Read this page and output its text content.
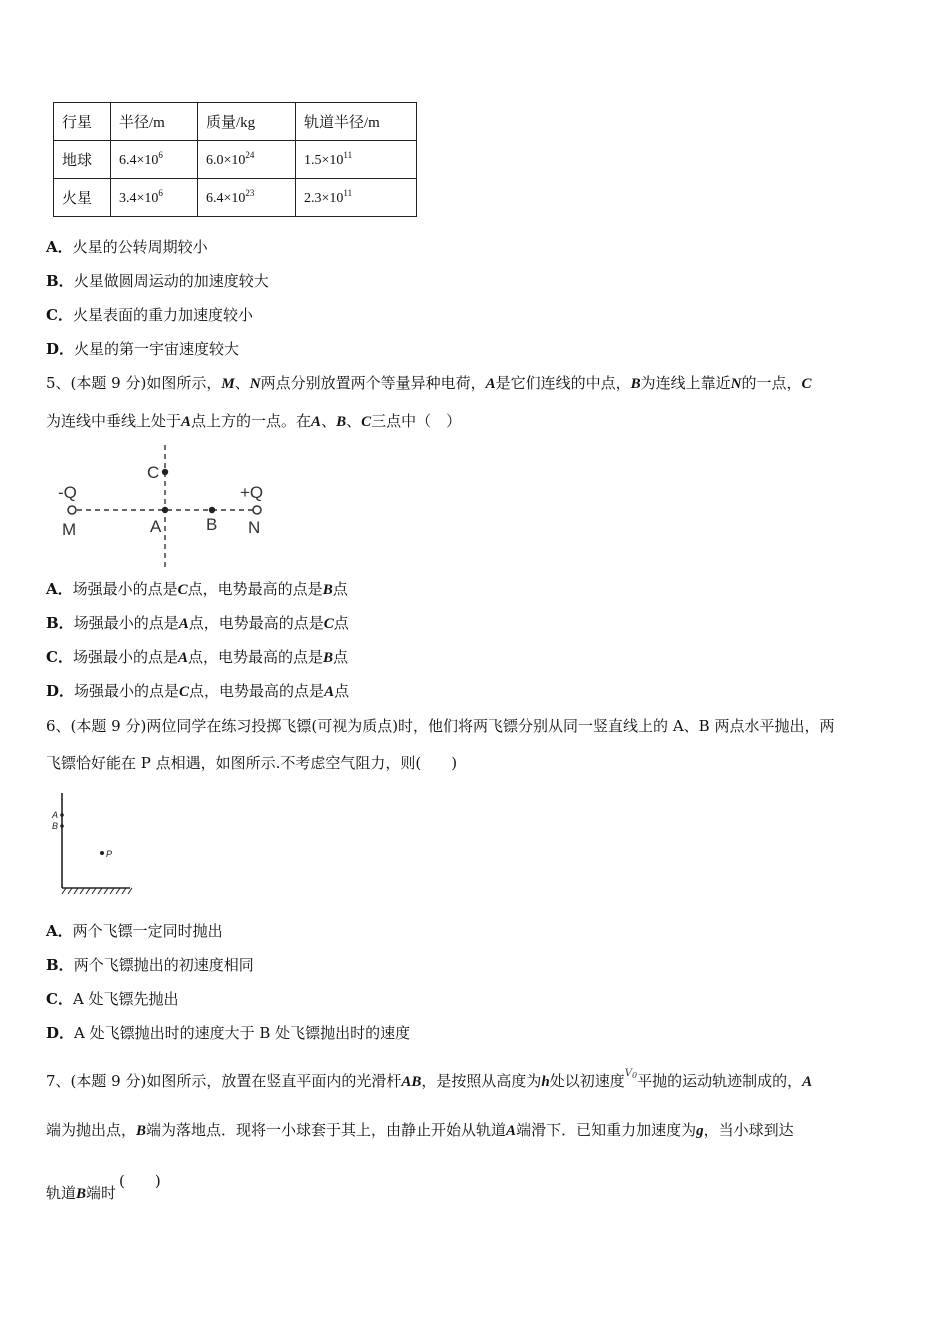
行星	半径/m	质量/kg	轨道半径/m
地球	$6.4\times 10^6$	$6.0\times 10^{24}$	$1.5\times 10^{11}$
火星	$3.4\times 10^6$	$6.4\times 10^{23}$	$2.3\times 10^{11}$
A．火星的公转周期较小
B．火星做圆周运动的加速度较大
C．火星表面的重力加速度较小
D．火星的第一宇宙速度较大
5、(本题 9 分)如图所示，M、N两点分别放置两个等量异种电荷，A是它们连线的中点，B为连线上靠近N的一点，C
为连线中垂线上处于A点上方的一点。在A、B、C三点中（　）
-Q	+Q
M	A	B N
C
A．场强最小的点是C点，电势最高的点是B点
B．场强最小的点是A点，电势最高的点是C点
C．场强最小的点是A点，电势最高的点是B点
D．场强最小的点是C点，电势最高的点是A点
6、(本题 9 分)两位同学在练习投掷飞镖(可视为质点)时，他们将两飞镖分别从同一竖直线上的 A、B 两点水平抛出，两
飞镖恰好能在 P 点相遇，如图所示.不考虑空气阻力，则(　　)
A
B
P
A．两个飞镖一定同时抛出
B．两个飞镖抛出的初速度相同
C．A 处飞镖先抛出
D．A 处飞镖抛出时的速度大于 B 处飞镖抛出时的速度
7、(本题 9 分)如图所示，放置在竖直平面内的光滑杆AB，是按照从高度为h处以初速度$^{V_0}$平抛的运动轨迹制成的，A
端为抛出点，B端为落地点．现将一小球套于其上，由静止开始从轨道A端滑下．已知重力加速度为g，当小球到达
轨道B端时(　　)
